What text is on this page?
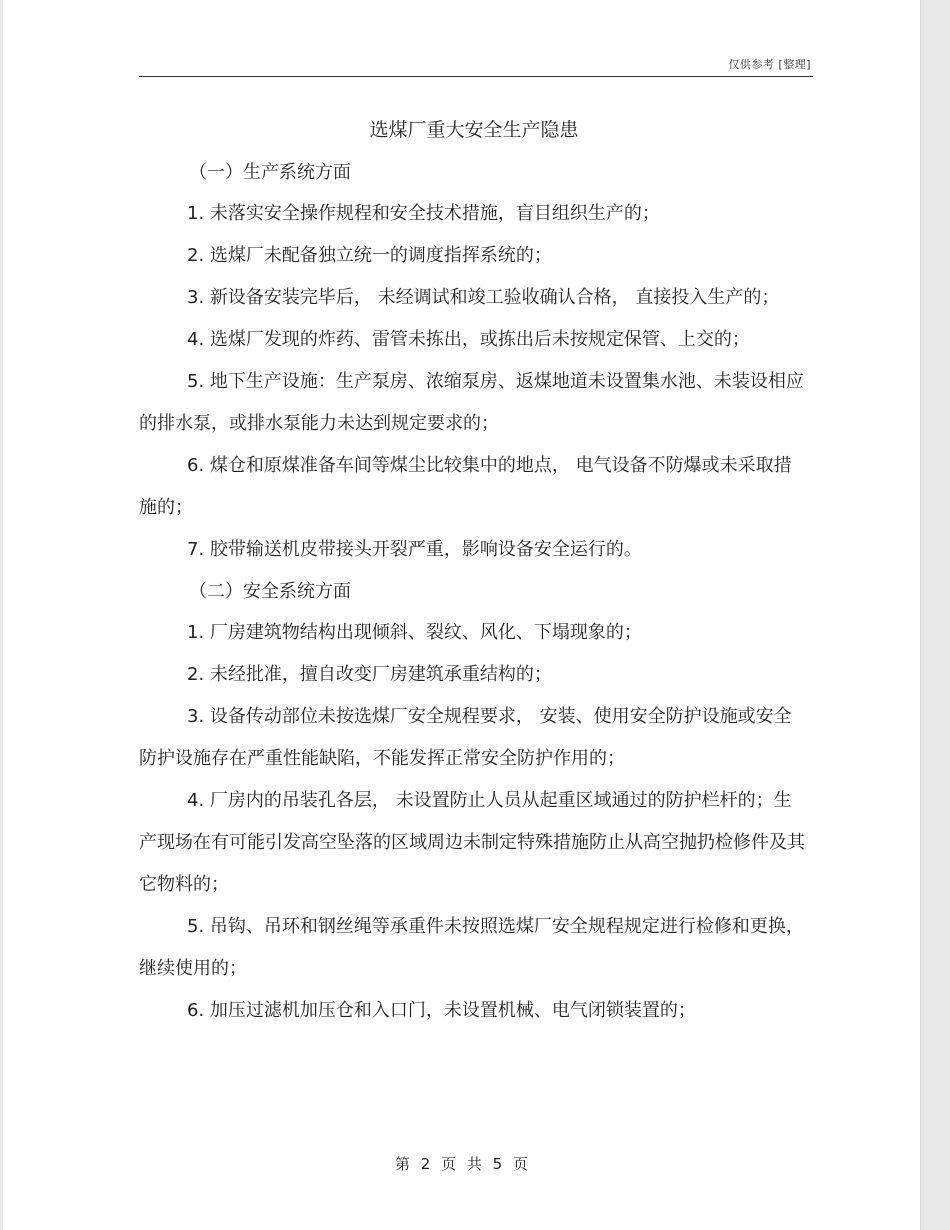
仅供参考 [整理]

选煤厂重大安全生产隐患

（一）生产系统方面

1. 未落实安全操作规程和安全技术措施，盲目组织生产的；

2. 选煤厂未配备独立统一的调度指挥系统的；

3. 新设备安装完毕后， 未经调试和竣工验收确认合格， 直接投入生产的；

4. 选煤厂发现的炸药、雷管未拣出，或拣出后未按规定保管、上交的；

5. 地下生产设施：生产泵房、浓缩泵房、返煤地道未设置集水池、未装设相应的排水泵，或排水泵能力未达到规定要求的；

6. 煤仓和原煤准备车间等煤尘比较集中的地点， 电气设备不防爆或未采取措施的；

7. 胶带输送机皮带接头开裂严重，影响设备安全运行的。

（二）安全系统方面

1. 厂房建筑物结构出现倾斜、裂纹、风化、下塌现象的；

2. 未经批准，擅自改变厂房建筑承重结构的；

3. 设备传动部位未按选煤厂安全规程要求， 安装、使用安全防护设施或安全防护设施存在严重性能缺陷，不能发挥正常安全防护作用的；

4. 厂房内的吊装孔各层， 未设置防止人员从起重区域通过的防护栏杆的；生产现场在有可能引发高空坠落的区域周边未制定特殊措施防止从高空抛扔检修件及其它物料的；

5. 吊钩、吊环和钢丝绳等承重件未按照选煤厂安全规程规定进行检修和更换，继续使用的；

6. 加压过滤机加压仓和入口门，未设置机械、电气闭锁装置的；

第 2 页 共 5 页
